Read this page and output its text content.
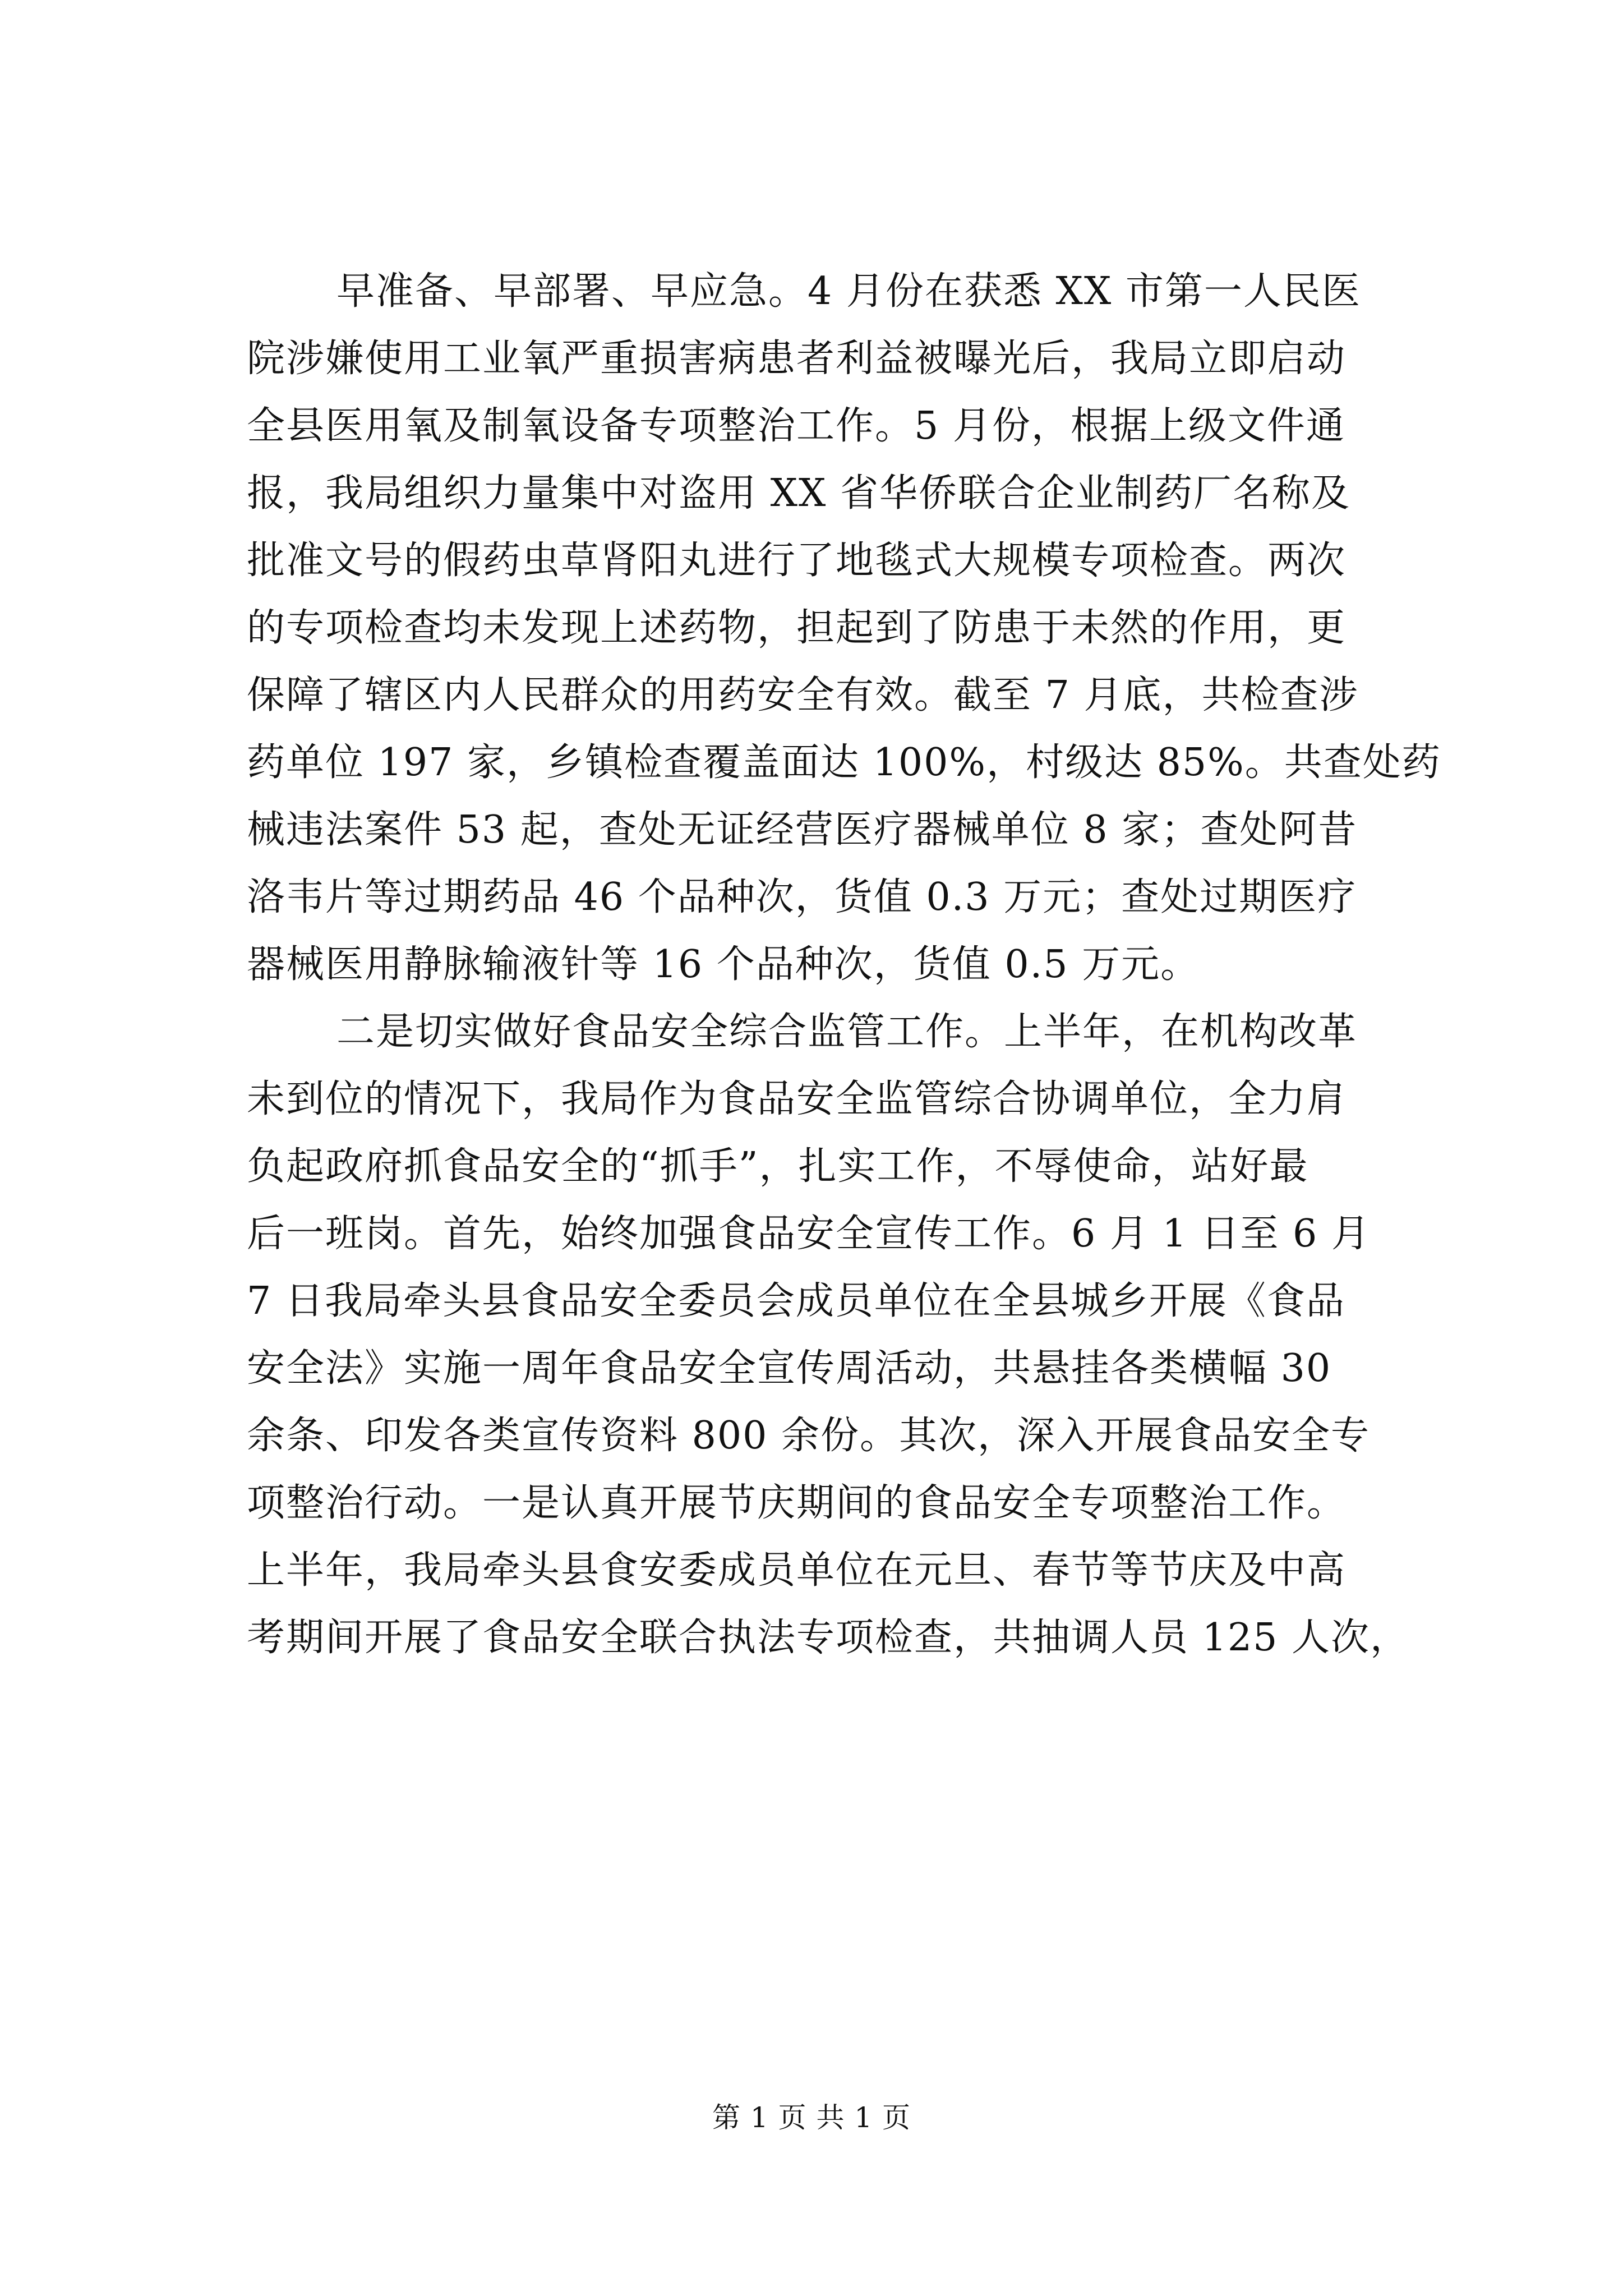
早准备、早部署、早应急。4 月份在获悉 XX 市第一人民医
院涉嫌使用工业氧严重损害病患者利益被曝光后，我局立即启动
全县医用氧及制氧设备专项整治工作。5 月份，根据上级文件通
报，我局组织力量集中对盗用 XX 省华侨联合企业制药厂名称及
批准文号的假药虫草肾阳丸进行了地毯式大规模专项检查。两次
的专项检查均未发现上述药物，担起到了防患于未然的作用，更
保障了辖区内人民群众的用药安全有效。截至 7 月底，共检查涉
药单位 197 家，乡镇检查覆盖面达 100%，村级达 85%。共查处药
械违法案件 53 起，查处无证经营医疗器械单位 8 家；查处阿昔
洛韦片等过期药品 46 个品种次，货值 0.3 万元；查处过期医疗
器械医用静脉输液针等 16 个品种次，货值 0.5 万元。
二是切实做好食品安全综合监管工作。上半年，在机构改革
未到位的情况下，我局作为食品安全监管综合协调单位，全力肩
负起政府抓食品安全的“抓手”，扎实工作，不辱使命，站好最
后一班岗。首先，始终加强食品安全宣传工作。6 月 1 日至 6 月
7 日我局牵头县食品安全委员会成员单位在全县城乡开展《食品
安全法》实施一周年食品安全宣传周活动，共悬挂各类横幅 30
余条、印发各类宣传资料 800 余份。其次，深入开展食品安全专
项整治行动。一是认真开展节庆期间的食品安全专项整治工作。
上半年，我局牵头县食安委成员单位在元旦、春节等节庆及中高
考期间开展了食品安全联合执法专项检查，共抽调人员 125 人次，
第 1 页 共 1 页
